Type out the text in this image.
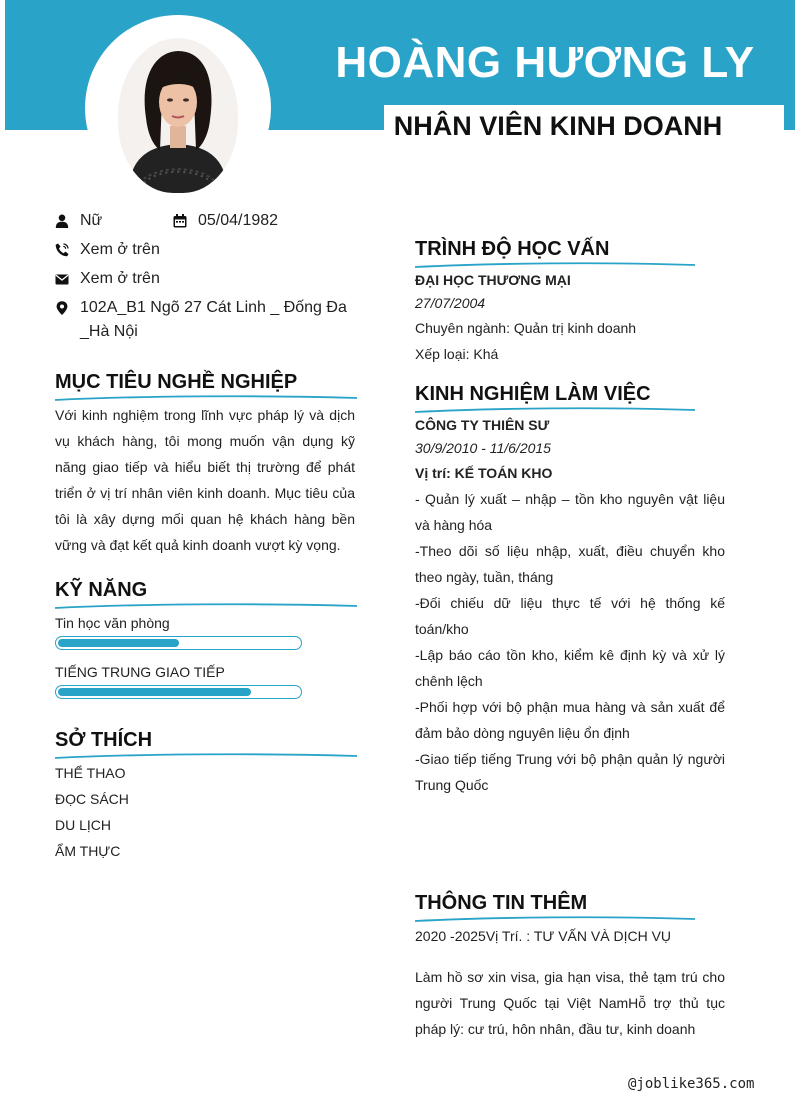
HOÀNG HƯƠNG LY
NHÂN VIÊN KINH DOANH
Nữ	05/04/1982
Xem ở trên
Xem ở trên
102A_B1 Ngõ 27 Cát Linh _ Đống Đa _Hà Nội
MỤC TIÊU NGHỀ NGHIỆP
Với kinh nghiệm trong lĩnh vực pháp lý và dịch vụ khách hàng, tôi mong muốn vận dụng kỹ năng giao tiếp và hiểu biết thị trường để phát triển ở vị trí nhân viên kinh doanh. Mục tiêu của tôi là xây dựng mối quan hệ khách hàng bền vững và đạt kết quả kinh doanh vượt kỳ vọng.
KỸ NĂNG
Tin học văn phòng
TIẾNG TRUNG GIAO TIẾP
SỞ THÍCH
THỂ THAO
ĐỌC SÁCH
DU LỊCH
ẨM THỰC
TRÌNH ĐỘ HỌC VẤN
ĐẠI HỌC THƯƠNG MẠI
27/07/2004
Chuyên ngành: Quản trị kinh doanh
Xếp loại: Khá
KINH NGHIỆM LÀM VIỆC
CÔNG TY THIÊN SƯ
30/9/2010 - 11/6/2015
Vị trí: KẾ TOÁN KHO
- Quản lý xuất – nhập – tồn kho nguyên vật liệu và hàng hóa
-Theo dõi số liệu nhập, xuất, điều chuyển kho theo ngày, tuần, tháng
-Đối chiếu dữ liệu thực tế với hệ thống kế toán/kho
-Lập báo cáo tồn kho, kiểm kê định kỳ và xử lý chênh lệch
-Phối hợp với bộ phận mua hàng và sản xuất để đảm bảo dòng nguyên liệu ổn định
-Giao tiếp tiếng Trung với bộ phận quản lý người Trung Quốc
THÔNG TIN THÊM
2020 -2025Vị Trí. : TƯ VẤN VÀ DỊCH VỤ
Làm hồ sơ xin visa, gia hạn visa, thẻ tạm trú cho người Trung Quốc tại Việt NamHỗ trợ thủ tục pháp lý: cư trú, hôn nhân, đầu tư, kinh doanh
@joblike365.com
